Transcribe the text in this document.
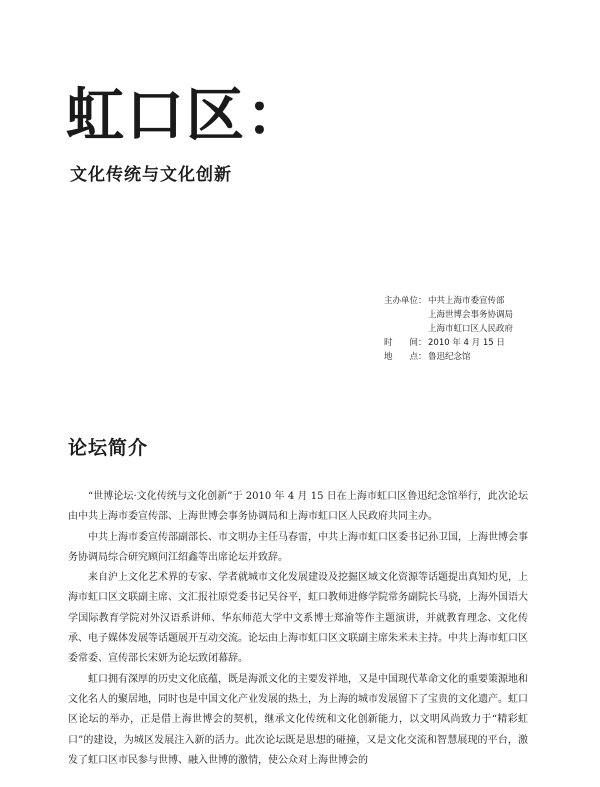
虹口区：
文化传统与文化创新
主办单位： 中共上海市委宣传部
上海世博会事务协调局
上海市虹口区人民政府
时　　间： 2010 年 4 月 15 日
地　　点： 鲁迅纪念馆
论坛简介

“世博论坛·文化传统与文化创新”于 2010 年 4 月 15 日在上海市虹口区鲁迅纪念馆举行，此次论坛由中共上海市委宣传部、上海世博会事务协调局和上海市虹口区人民政府共同主办。

中共上海市委宣传部副部长、市文明办主任马春雷，中共上海市虹口区委书记孙卫国，上海世博会事务协调局综合研究顾问江绍鑫等出席论坛并致辞。

来自沪上文化艺术界的专家、学者就城市文化发展建设及挖掘区域文化资源等话题提出真知灼见，上海市虹口区文联副主席、文汇报社原党委书记吴谷平，虹口教师进修学院常务副院长马骁，上海外国语大学国际教育学院对外汉语系讲师、华东师范大学中文系博士郑渝等作主题演讲，并就教育理念、文化传承、电子媒体发展等话题展开互动交流。论坛由上海市虹口区文联副主席朱米未主持。中共上海市虹口区委常委、宣传部长宋妍为论坛致闭幕辞。

虹口拥有深厚的历史文化底蕴，既是海派文化的主要发祥地，又是中国现代革命文化的重要策源地和文化名人的聚居地，同时也是中国文化产业发展的热土，为上海的城市发展留下了宝贵的文化遗产。虹口区论坛的举办，正是借上海世博会的契机，继承文化传统和文化创新能力，以文明风尚致力于“精彩虹口”的建设，为城区发展注入新的活力。此次论坛既是思想的碰撞，又是文化交流和智慧展现的平台，激发了虹口区市民参与世博、融入世博的激情，使公众对上海世博会的
